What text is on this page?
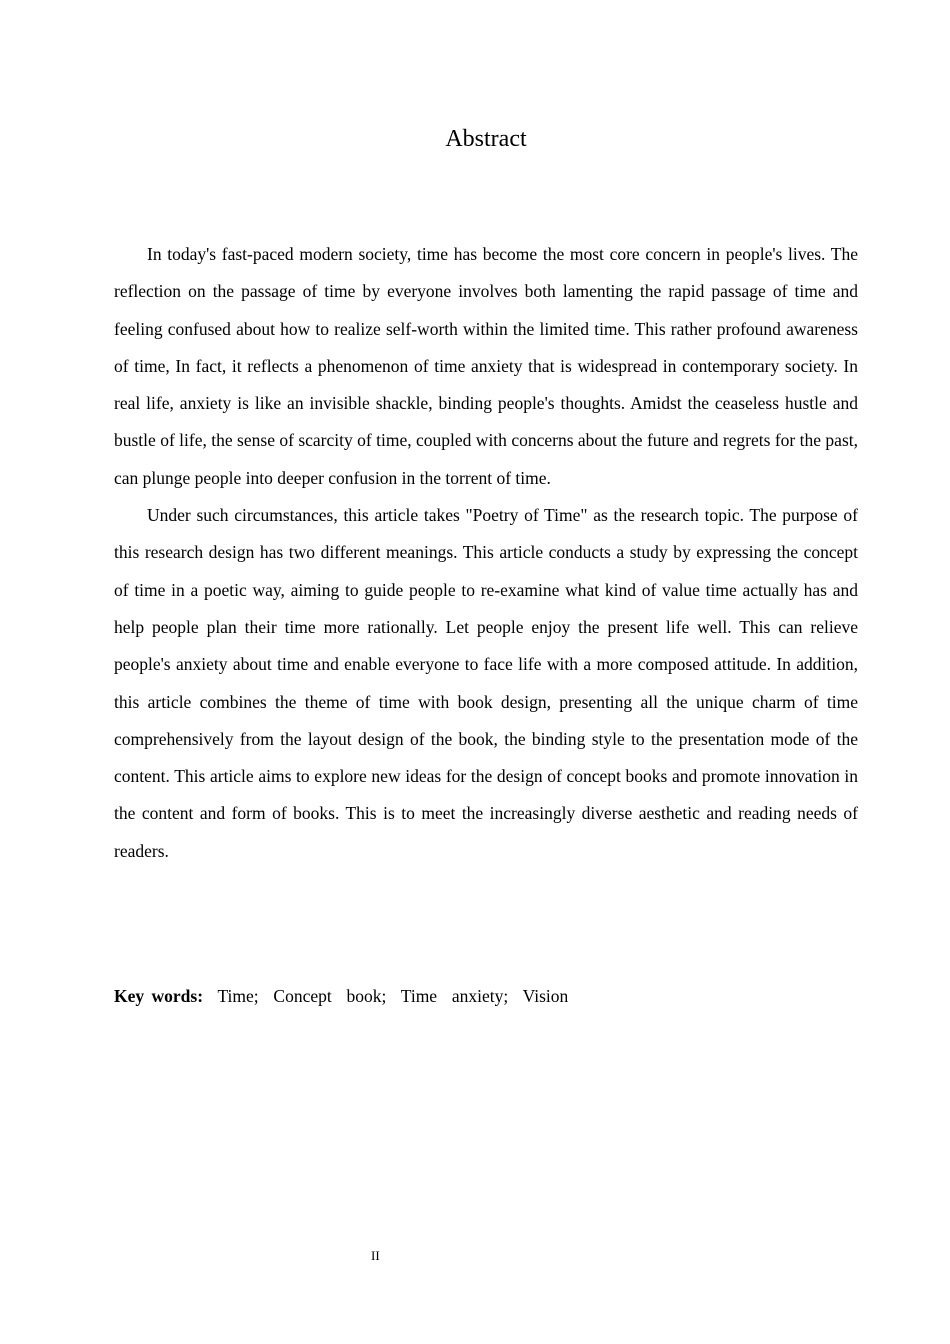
Abstract

In today's fast-paced modern society, time has become the most core concern in people's lives. The reflection on the passage of time by everyone involves both lamenting the rapid passage of time and feeling confused about how to realize self-worth within the limited time. This rather profound awareness of time, In fact, it reflects a phenomenon of time anxiety that is widespread in contemporary society. In real life, anxiety is like an invisible shackle, binding people's thoughts. Amidst the ceaseless hustle and bustle of life, the sense of scarcity of time, coupled with concerns about the future and regrets for the past, can plunge people into deeper confusion in the torrent of time.

Under such circumstances, this article takes "Poetry of Time" as the research topic. The purpose of this research design has two different meanings. This article conducts a study by expressing the concept of time in a poetic way, aiming to guide people to re-examine what kind of value time actually has and help people plan their time more rationally. Let people enjoy the present life well. This can relieve people's anxiety about time and enable everyone to face life with a more composed attitude. In addition, this article combines the theme of time with book design, presenting all the unique charm of time comprehensively from the layout design of the book, the binding style to the presentation mode of the content. This article aims to explore new ideas for the design of concept books and promote innovation in the content and form of books. This is to meet the increasingly diverse aesthetic and reading needs of readers.

Key words: Time;  Concept  book;  Time  anxiety;  Vision

II
